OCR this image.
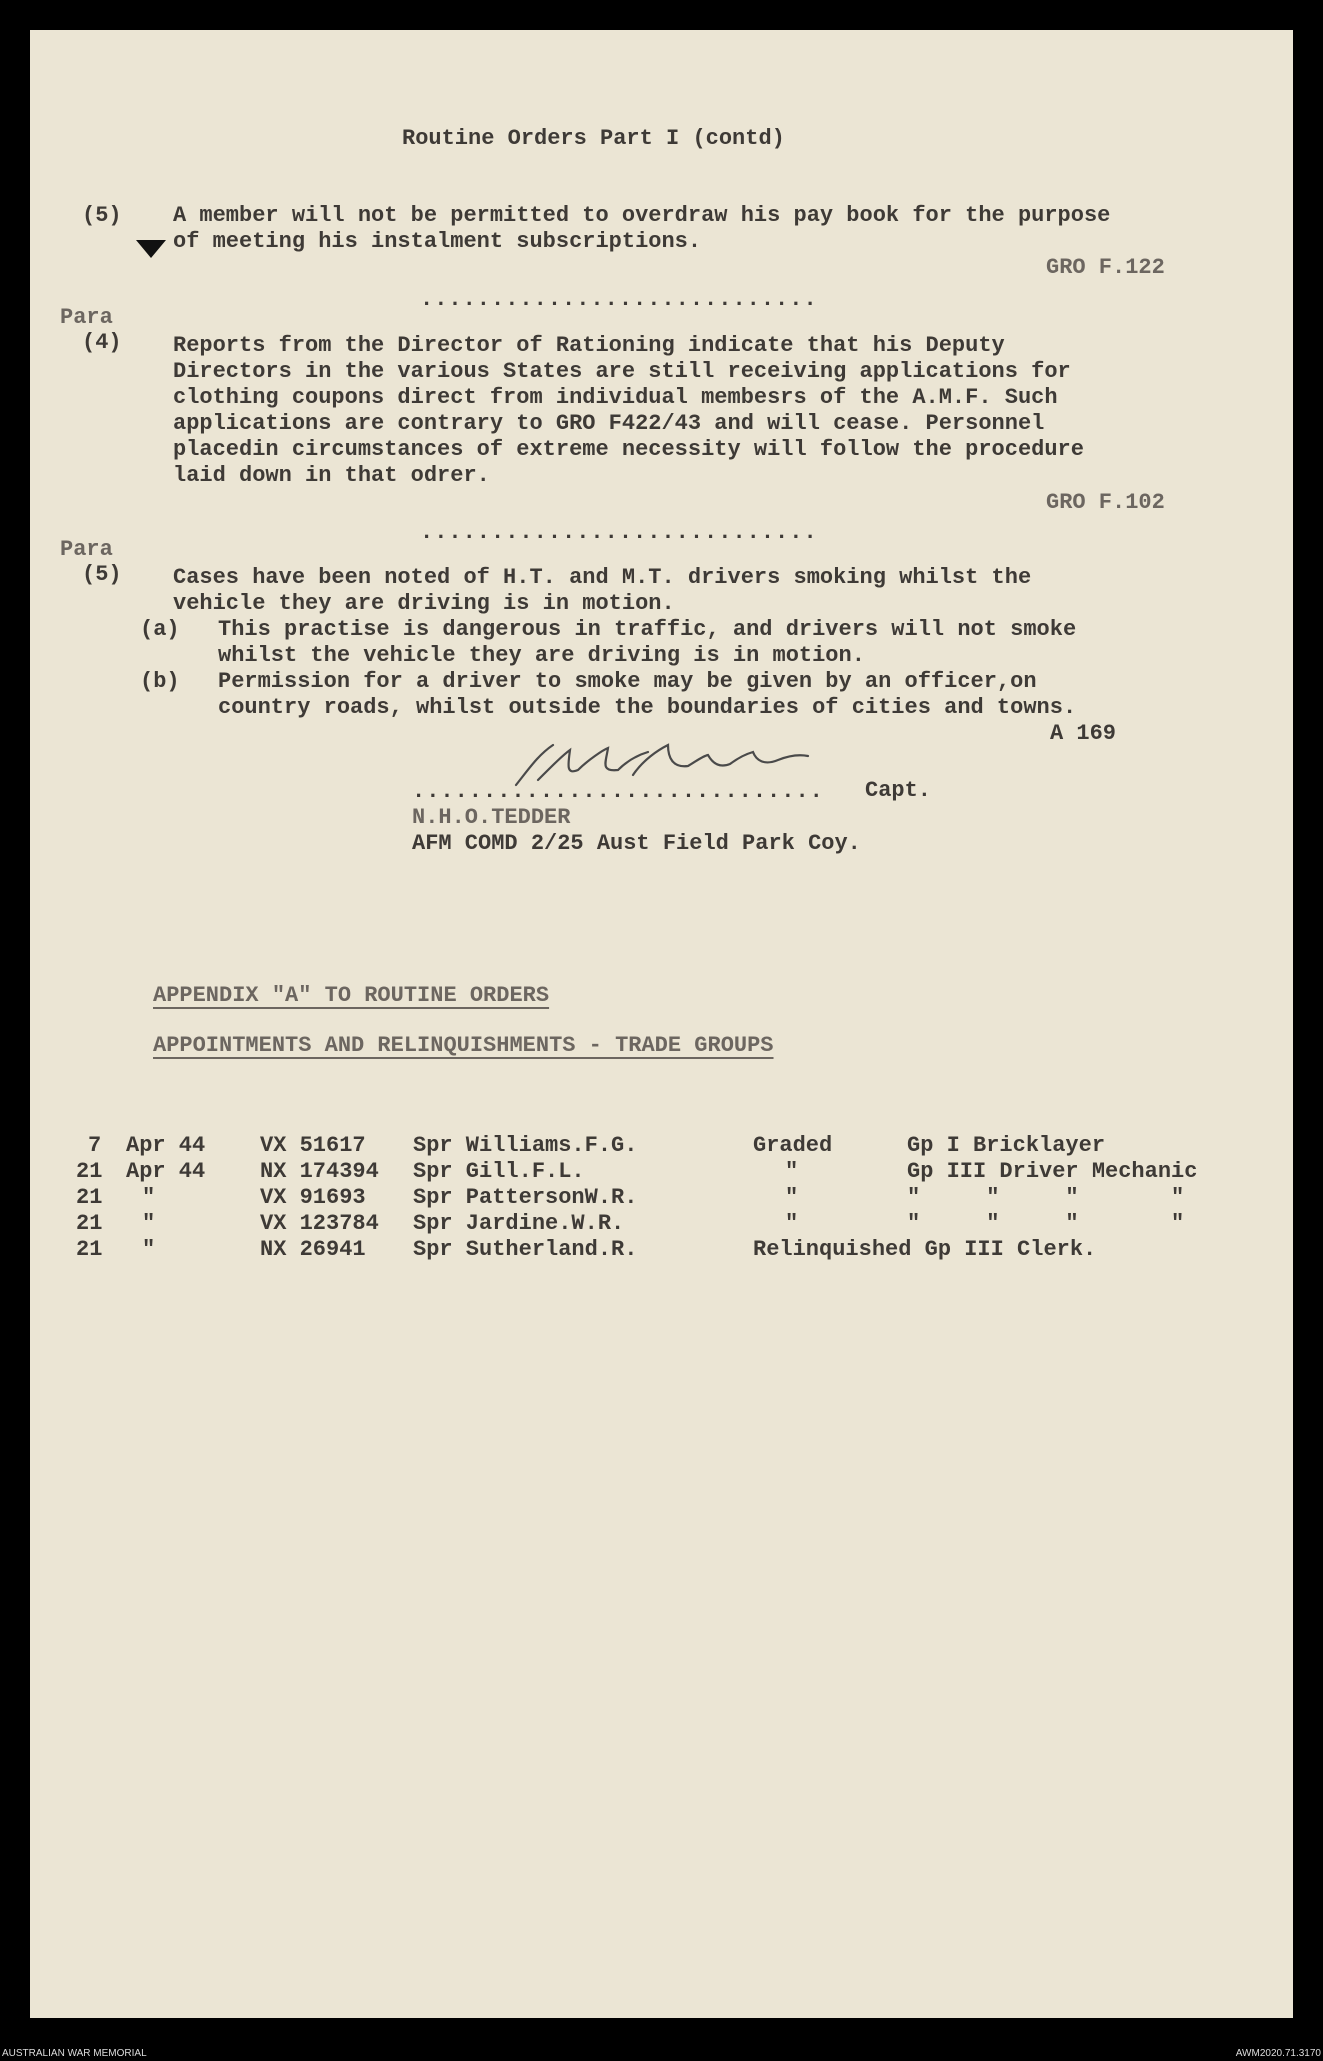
Routine Orders Part I (contd)
(5) A member will not be permitted to overdraw his pay book for the purpose
of meeting his instalment subscriptions.
GRO F.122
............................
Para
(4) Reports from the Director of Rationing indicate that his Deputy
Directors in the various States are still receiving applications for
clothing coupons direct from individual membesrs of the A.M.F. Such
applications are contrary to GRO F422/43 and will cease. Personnel
placedin circumstances of extreme necessity will follow the procedure
laid down in that odrer.
GRO F.102
............................
Para
(5) Cases have been noted of H.T. and M.T. drivers smoking whilst the
vehicle they are driving is in motion.
(a) This practise is dangerous in traffic, and drivers will not smoke
whilst the vehicle they are driving is in motion.
(b) Permission for a driver to smoke may be given by an officer,on
country roads, whilst outside the boundaries of cities and towns.
A 169
............................. Capt.
N.H.O.TEDDER
AFM COMD 2/25 Aust Field Park Coy.
APPENDIX "A" TO ROUTINE ORDERS
APPOINTMENTS AND RELINQUISHMENTS - TRADE GROUPS
7 Apr 44 VX 51617 Spr Williams.F.G.	Graded	Gp I Bricklayer
21 Apr 44 NX 174394 Spr Gill.F.L.	"	Gp III Driver Mechanic
21 "	VX 91693 Spr PattersonW.R.	"	"     "     "       "
21 "	VX 123784 Spr Jardine.W.R.	"	"     "     "       "
21 "	NX 26941 Spr Sutherland.R.	Relinquished Gp III Clerk.
AUSTRALIAN WAR MEMORIAL	AWM2020.71.3170
